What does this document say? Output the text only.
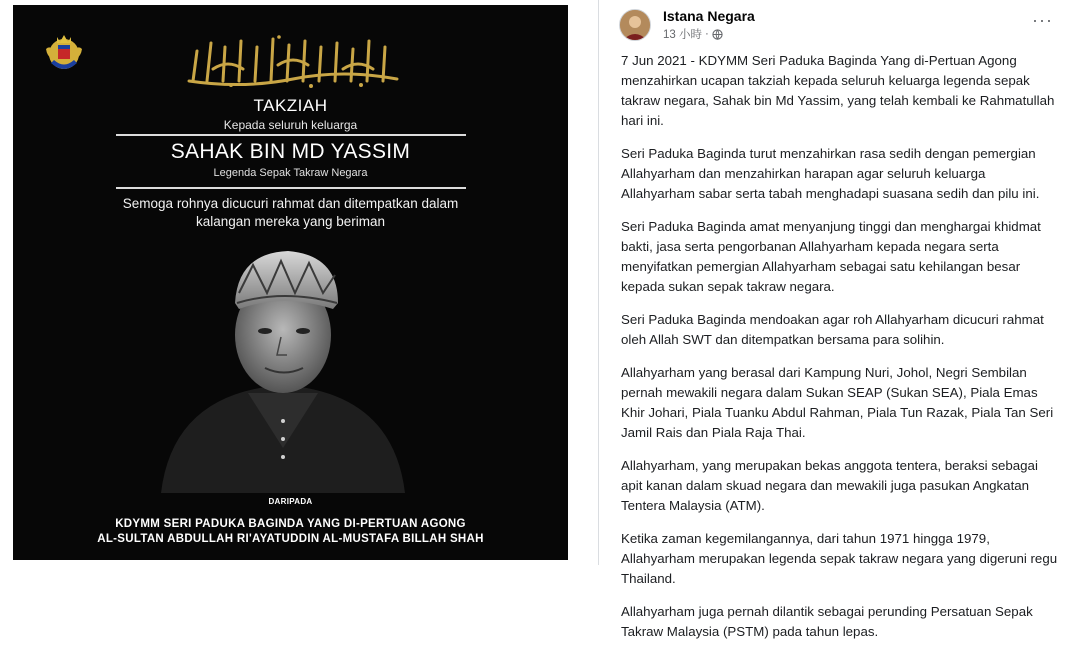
TAKZIAH
Kepada seluruh keluarga
SAHAK BIN MD YASSIM
Legenda Sepak Takraw Negara
Semoga rohnya dicucuri rahmat dan ditempatkan dalam
kalangan mereka yang beriman
DARIPADA
KDYMM SERI PADUKA BAGINDA YANG DI-PERTUAN AGONG
AL-SULTAN ABDULLAH RI'AYATUDDIN AL-MUSTAFA BILLAH SHAH
Istana Negara
13 小時 ·
···

7 Jun 2021 - KDYMM Seri Paduka Baginda Yang di-Pertuan Agong menzahirkan ucapan takziah kepada seluruh keluarga legenda sepak takraw negara, Sahak bin Md Yassim, yang telah kembali ke Rahmatullah hari ini.

Seri Paduka Baginda turut menzahirkan rasa sedih dengan pemergian Allahyarham dan menzahirkan harapan agar seluruh keluarga Allahyarham sabar serta tabah menghadapi suasana sedih dan pilu ini.

Seri Paduka Baginda amat menyanjung tinggi dan menghargai khidmat bakti, jasa serta pengorbanan Allahyarham kepada negara serta menyifatkan pemergian Allahyarham sebagai satu kehilangan besar kepada sukan sepak takraw negara.

Seri Paduka Baginda mendoakan agar roh Allahyarham dicucuri rahmat oleh Allah SWT dan ditempatkan bersama para solihin.

Allahyarham yang berasal dari Kampung Nuri, Johol, Negri Sembilan pernah mewakili negara dalam Sukan SEAP (Sukan SEA), Piala Emas Khir Johari, Piala Tuanku Abdul Rahman, Piala Tun Razak, Piala Tan Seri Jamil Rais dan Piala Raja Thai.

Allahyarham, yang merupakan bekas anggota tentera, beraksi sebagai apit kanan dalam skuad negara dan mewakili juga pasukan Angkatan Tentera Malaysia (ATM).

Ketika zaman kegemilangannya, dari tahun 1971 hingga 1979, Allahyarham merupakan legenda sepak takraw negara yang digeruni regu Thailand.

Allahyarham juga pernah dilantik sebagai perunding Persatuan Sepak Takraw Malaysia (PSTM) pada tahun lepas.
